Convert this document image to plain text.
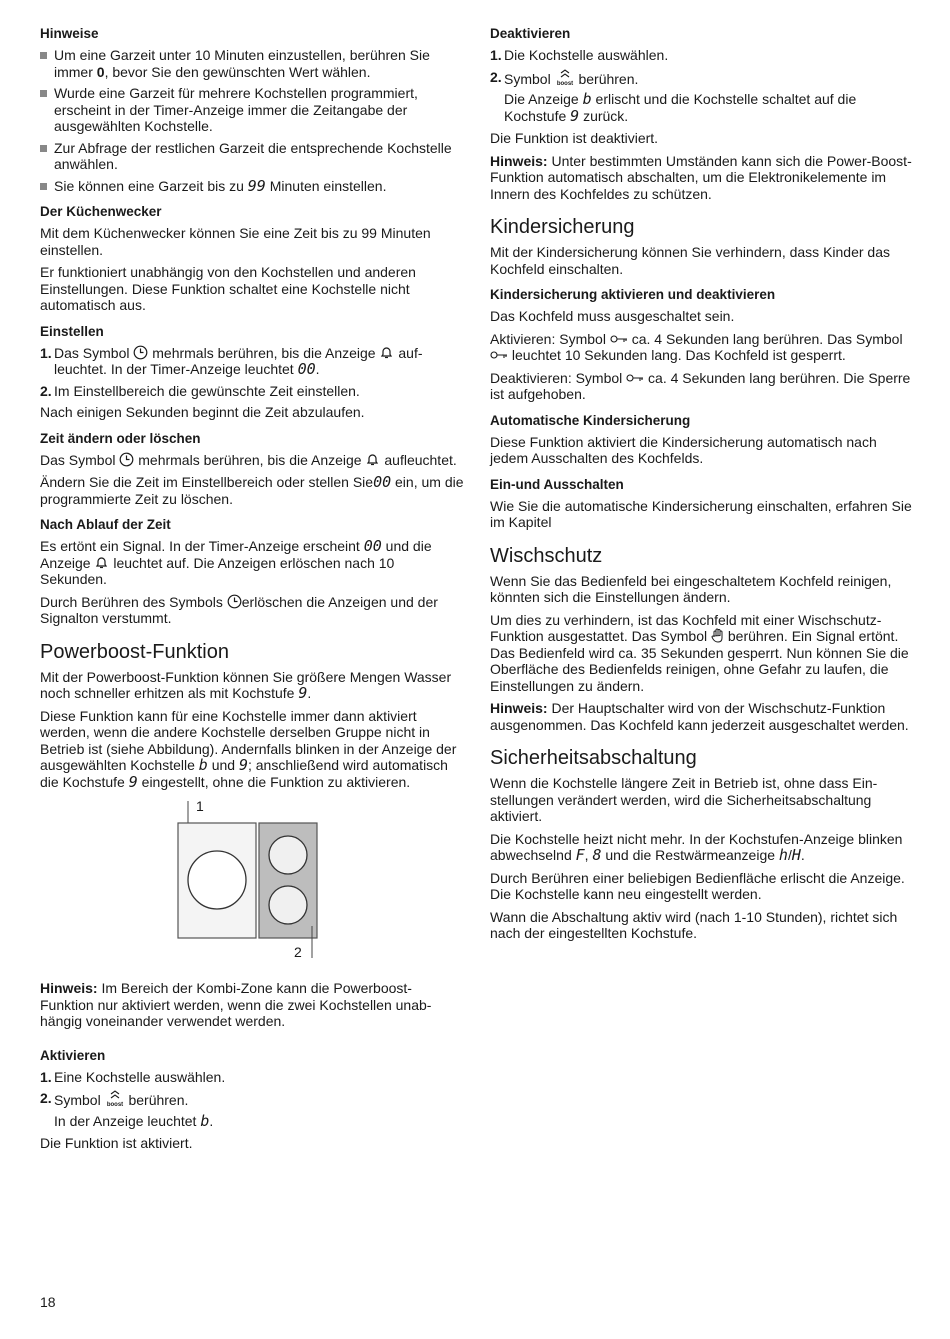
Hinweise
Um eine Garzeit unter 10 Minuten einzustellen, berühren Sie immer 0, bevor Sie den gewünschten Wert wählen.
Wurde eine Garzeit für mehrere Kochstellen programmiert, erscheint in der Timer-Anzeige immer die Zeitangabe der ausgewählten Kochstelle.
Zur Abfrage der restlichen Garzeit die entsprechende Kochstelle anwählen.
Sie können eine Garzeit bis zu 99 Minuten einstellen.
Der Küchenwecker

Mit dem Küchenwecker können Sie eine Zeit bis zu 99 Minuten einstellen.

Er funktioniert unabhängig von den Kochstellen und anderen Einstellungen. Diese Funktion schaltet eine Kochstelle nicht automatisch aus.

Einstellen
1. Das Symbol  mehrmals berühren, bis die Anzeige  aufleuchtet. In der Timer-Anzeige leuchtet 00.
2. Im Einstellbereich die gewünschte Zeit einstellen.

Nach einigen Sekunden beginnt die Zeit abzulaufen.

Zeit ändern oder löschen

Das Symbol  mehrmals berühren, bis die Anzeige  aufleuchtet.

Ändern Sie die Zeit im Einstellbereich oder stellen Sie00 ein, um die programmierte Zeit zu löschen.

Nach Ablauf der Zeit

Es ertönt ein Signal. In der Timer-Anzeige erscheint 00 und die Anzeige  leuchtet auf. Die Anzeigen erlöschen nach 10 Sekunden.

Durch Berühren des Symbols erlöschen die Anzeigen und der Signalton verstummt.

Powerboost-Funktion

Mit der Powerboost-Funktion können Sie größere Mengen Wasser noch schneller erhitzen als mit Kochstufe 9.

Diese Funktion kann für eine Kochstelle immer dann aktiviert werden, wenn die andere Kochstelle derselben Gruppe nicht in Betrieb ist (siehe Abbildung). Andernfalls blinken in der Anzeige der ausgewählten Kochstelle b und 9; anschließend wird automatisch die Kochstufe 9 eingestellt, ohne die Funktion zu aktivieren.

1
2

Hinweis: Im Bereich der Kombi-Zone kann die Powerboost-Funktion nur aktiviert werden, wenn die zwei Kochstellen unabhängig voneinander verwendet werden.

Aktivieren
1. Eine Kochstelle auswählen.
2. Symbol boost berühren.

In der Anzeige leuchtet b.

Die Funktion ist aktiviert.

Deaktivieren
1. Die Kochstelle auswählen.
2. Symbol boost berühren.

Die Anzeige b erlischt und die Kochstelle schaltet auf die Kochstufe 9 zurück.

Die Funktion ist deaktiviert.

Hinweis: Unter bestimmten Umständen kann sich die Power-Boost-Funktion automatisch abschalten, um die Elektronikelemente im Innern des Kochfeldes zu schützen.

Kindersicherung

Mit der Kindersicherung können Sie verhindern, dass Kinder das Kochfeld einschalten.

Kindersicherung aktivieren und deaktivieren

Das Kochfeld muss ausgeschaltet sein.

Aktivieren: Symbol  ca. 4 Sekunden lang berühren. Das Symbol  leuchtet 10 Sekunden lang. Das Kochfeld ist gesperrt.

Deaktivieren: Symbol  ca. 4 Sekunden lang berühren. Die Sperre ist aufgehoben.

Automatische Kindersicherung

Diese Funktion aktiviert die Kindersicherung automatisch nach jedem Ausschalten des Kochfelds.

Ein-und Ausschalten

Wie Sie die automatische Kindersicherung einschalten, erfahren Sie im Kapitel

Wischschutz

Wenn Sie das Bedienfeld bei eingeschaltetem Kochfeld reinigen, könnten sich die Einstellungen ändern.

Um dies zu verhindern, ist das Kochfeld mit einer Wischschutz-Funktion ausgestattet. Das Symbol  berühren. Ein Signal ertönt. Das Bedienfeld wird ca. 35 Sekunden gesperrt. Nun können Sie die Oberfläche des Bedienfelds reinigen, ohne Gefahr zu laufen, die Einstellungen zu ändern.

Hinweis: Der Hauptschalter wird von der Wischschutz-Funktion ausgenommen. Das Kochfeld kann jederzeit ausgeschaltet werden.

Sicherheitsabschaltung

Wenn die Kochstelle längere Zeit in Betrieb ist, ohne dass Einstellungen verändert werden, wird die Sicherheitsabschaltung aktiviert.

Die Kochstelle heizt nicht mehr. In der Kochstufen-Anzeige blinken abwechselnd F, 8 und die Restwärmeanzeige h/H.

Durch Berühren einer beliebigen Bedienfläche erlischt die Anzeige. Die Kochstelle kann neu eingestellt werden.

Wann die Abschaltung aktiv wird (nach 1-10 Stunden), richtet sich nach der eingestellten Kochstufe.

18
